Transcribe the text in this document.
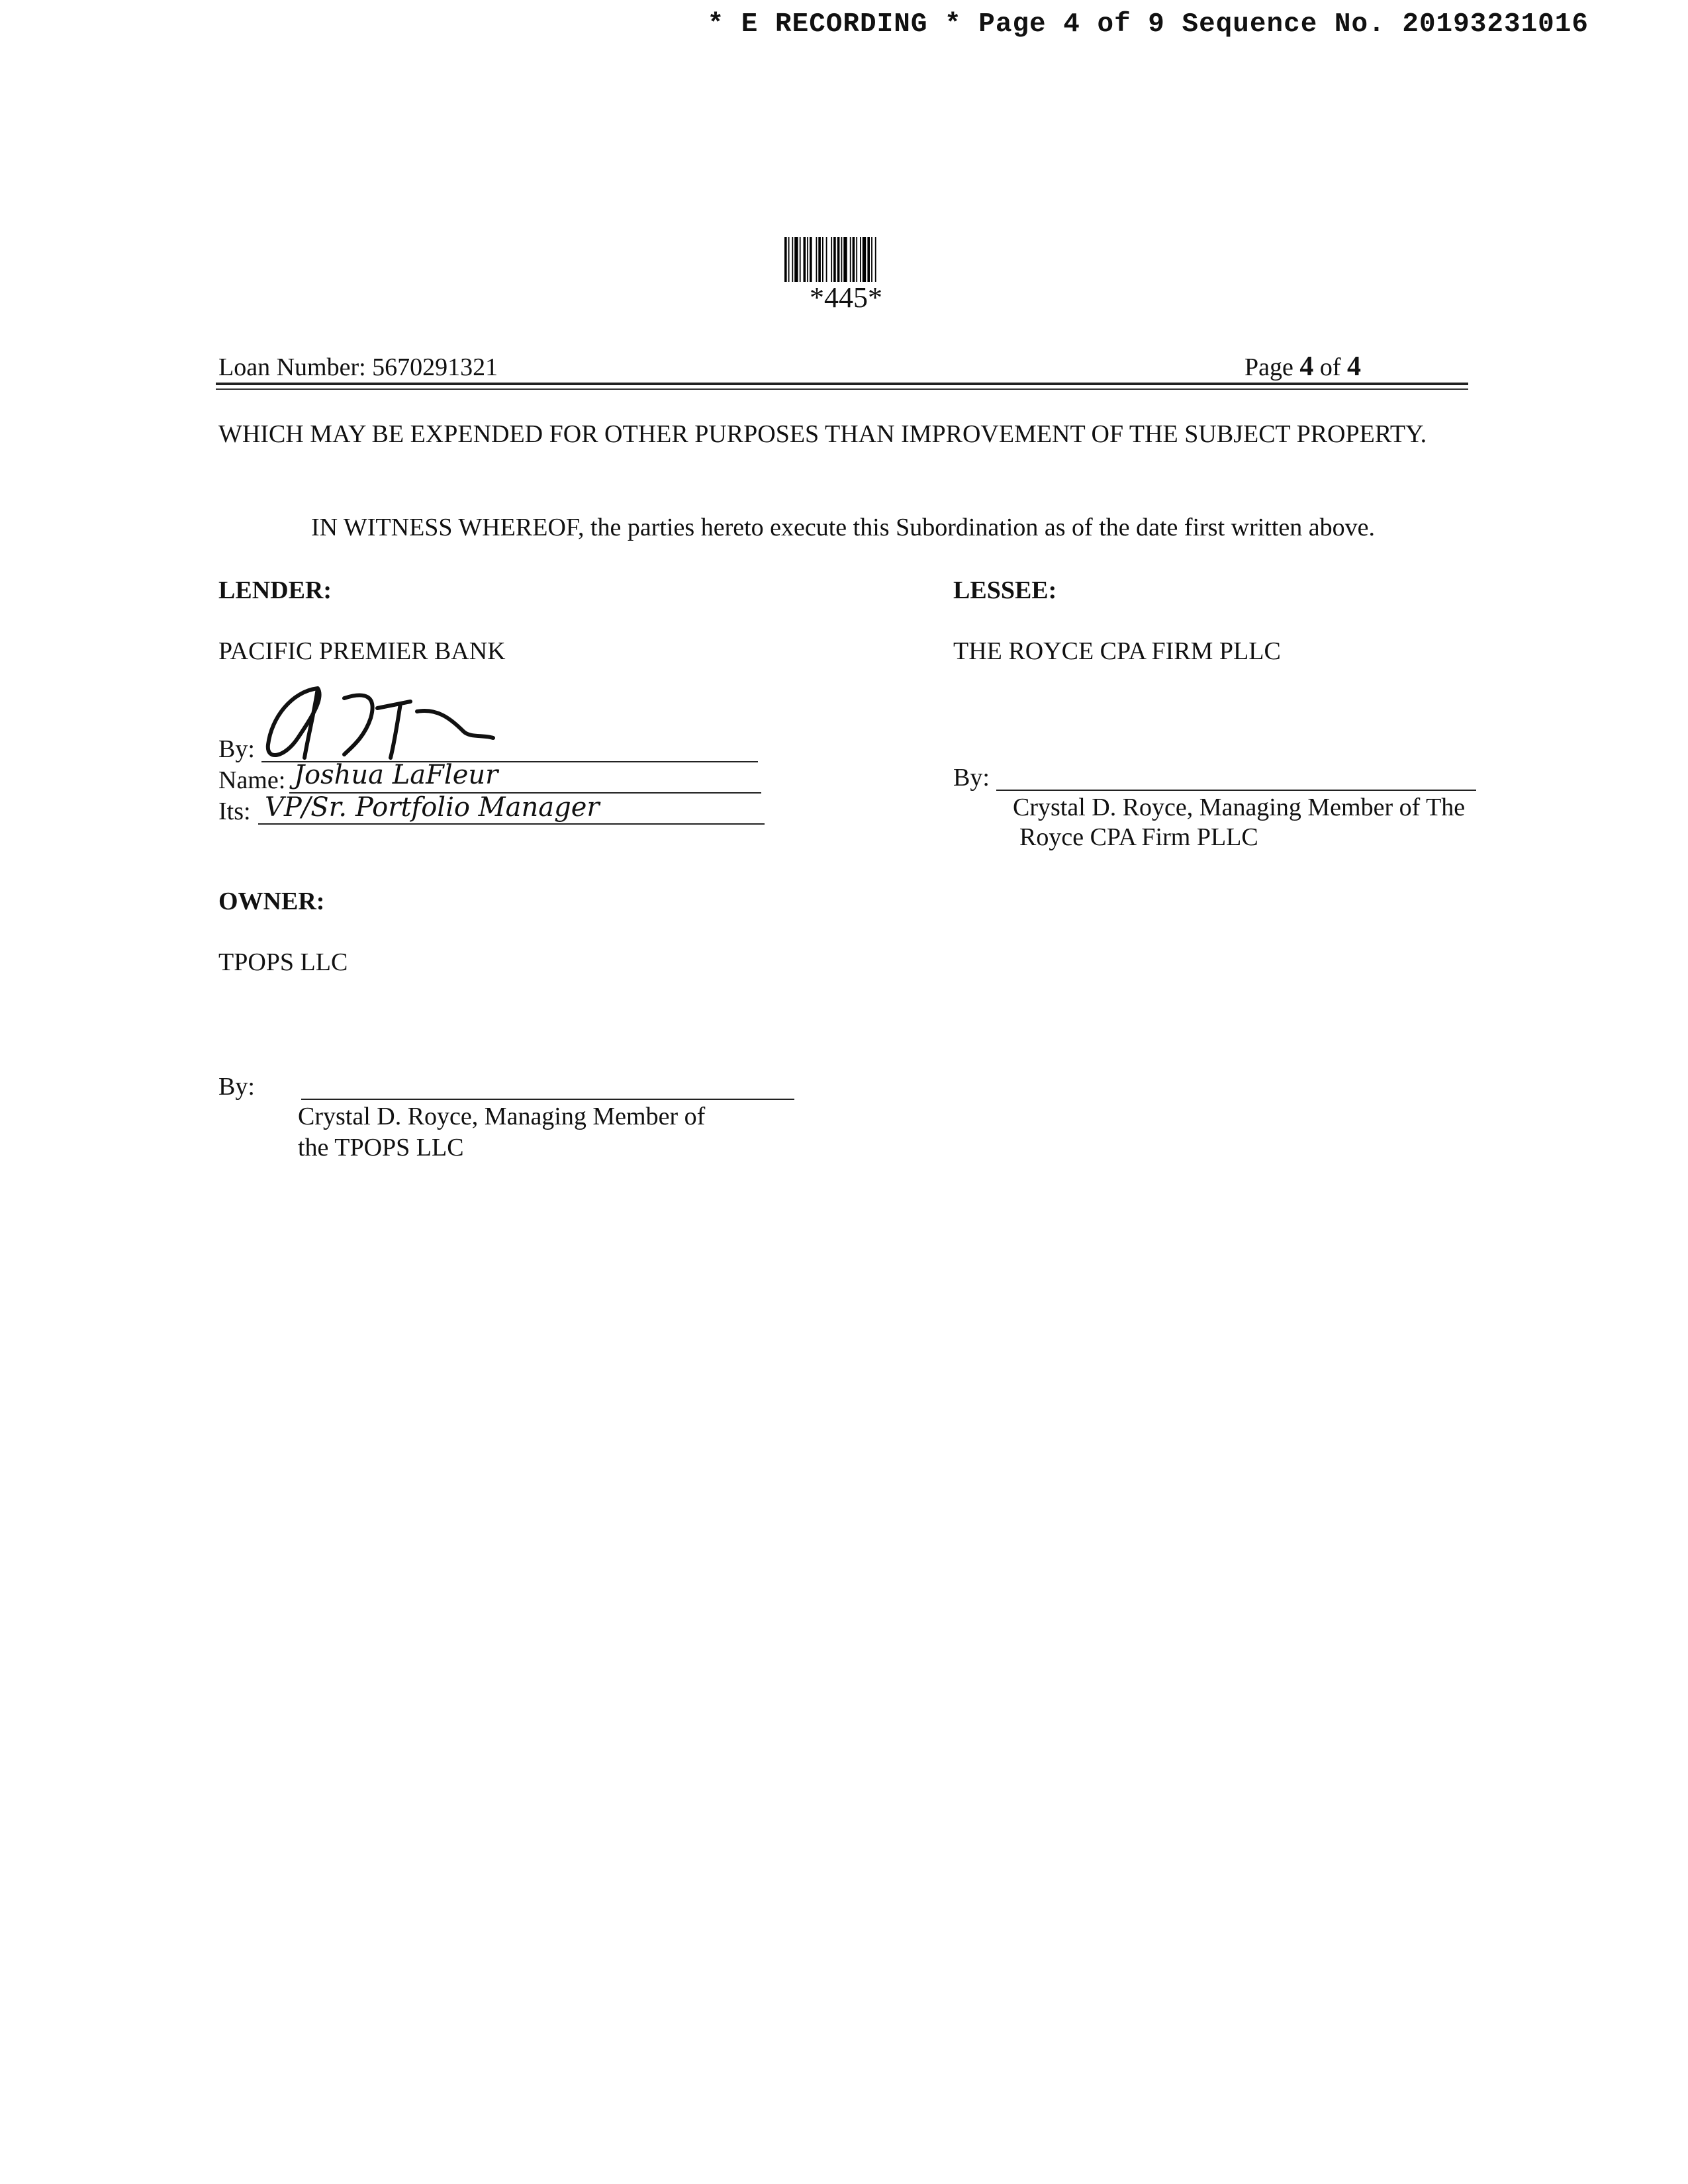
* E RECORDING * Page 4 of 9 Sequence No. 20193231016
*445*
Loan Number: 5670291321	Page 4 of 4
WHICH MAY BE EXPENDED FOR OTHER PURPOSES THAN IMPROVEMENT OF THE SUBJECT PROPERTY.
IN WITNESS WHEREOF, the parties hereto execute this Subordination as of the date first written above.
LENDER:
PACIFIC PREMIER BANK
By:
Name:
Its:
Joshua LaFleur
VP/Sr. Portfolio Manager
LESSEE:
THE ROYCE CPA FIRM PLLC
By:
Crystal D. Royce, Managing Member of The
Royce CPA Firm PLLC
OWNER:
TPOPS LLC
By:
Crystal D. Royce, Managing Member of
the TPOPS LLC
